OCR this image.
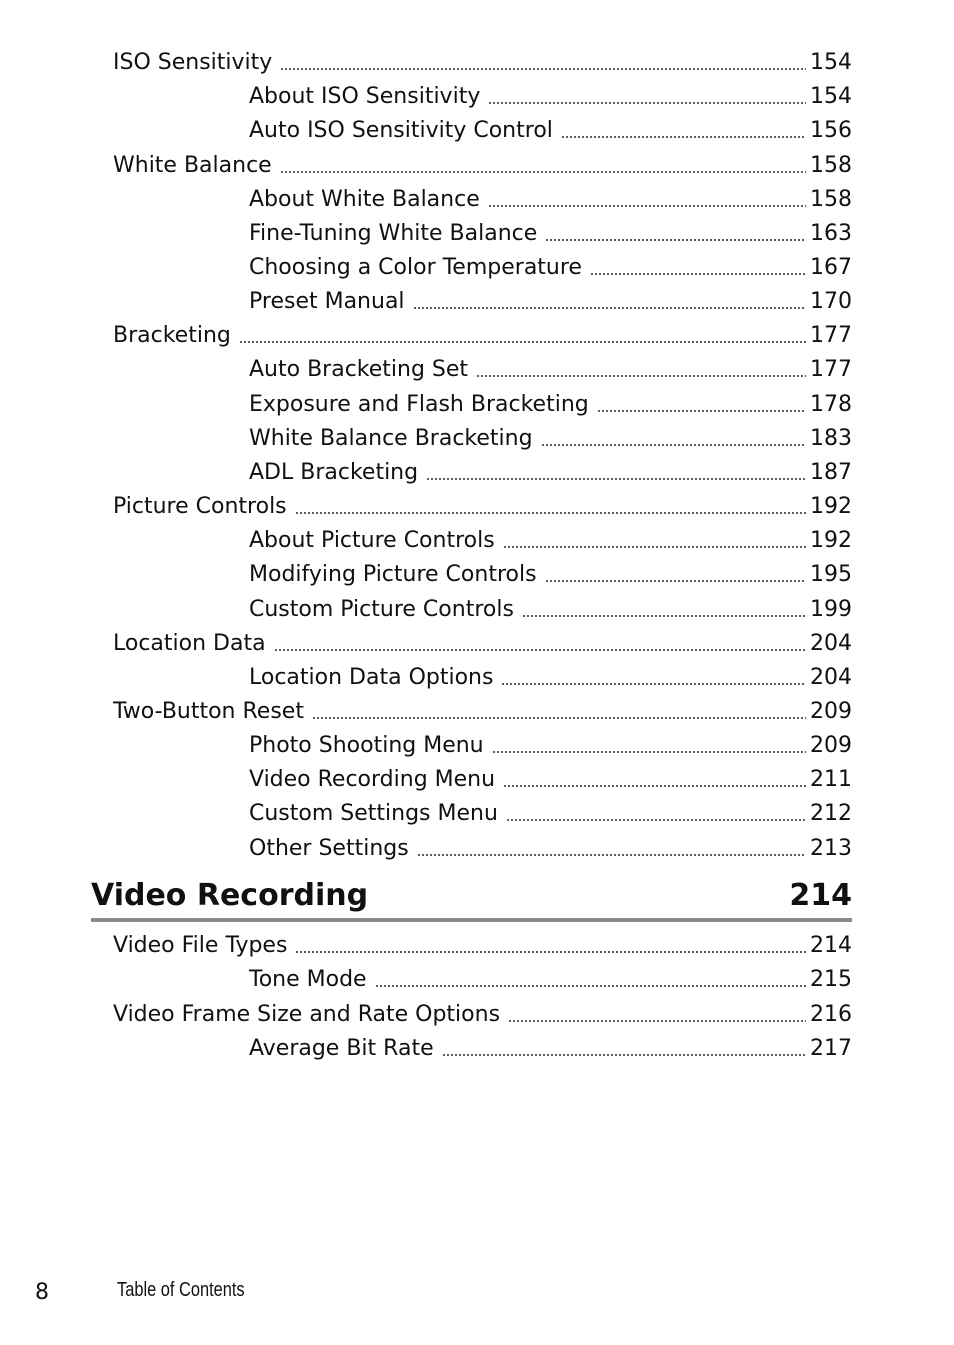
ISO Sensitivity	154
About ISO Sensitivity	154
Auto ISO Sensitivity Control	156
White Balance	158
About White Balance	158
Fine-Tuning White Balance	163
Choosing a Color Temperature	167
Preset Manual	170
Bracketing	177
Auto Bracketing Set	177
Exposure and Flash Bracketing	178
White Balance Bracketing	183
ADL Bracketing	187
Picture Controls	192
About Picture Controls	192
Modifying Picture Controls	195
Custom Picture Controls	199
Location Data	204
Location Data Options	204
Two-Button Reset	209
Photo Shooting Menu	209
Video Recording Menu	211
Custom Settings Menu	212
Other Settings	213
Video Recording	214
Video File Types	214
Tone Mode	215
Video Frame Size and Rate Options	216
Average Bit Rate	217
8	Table of Contents
